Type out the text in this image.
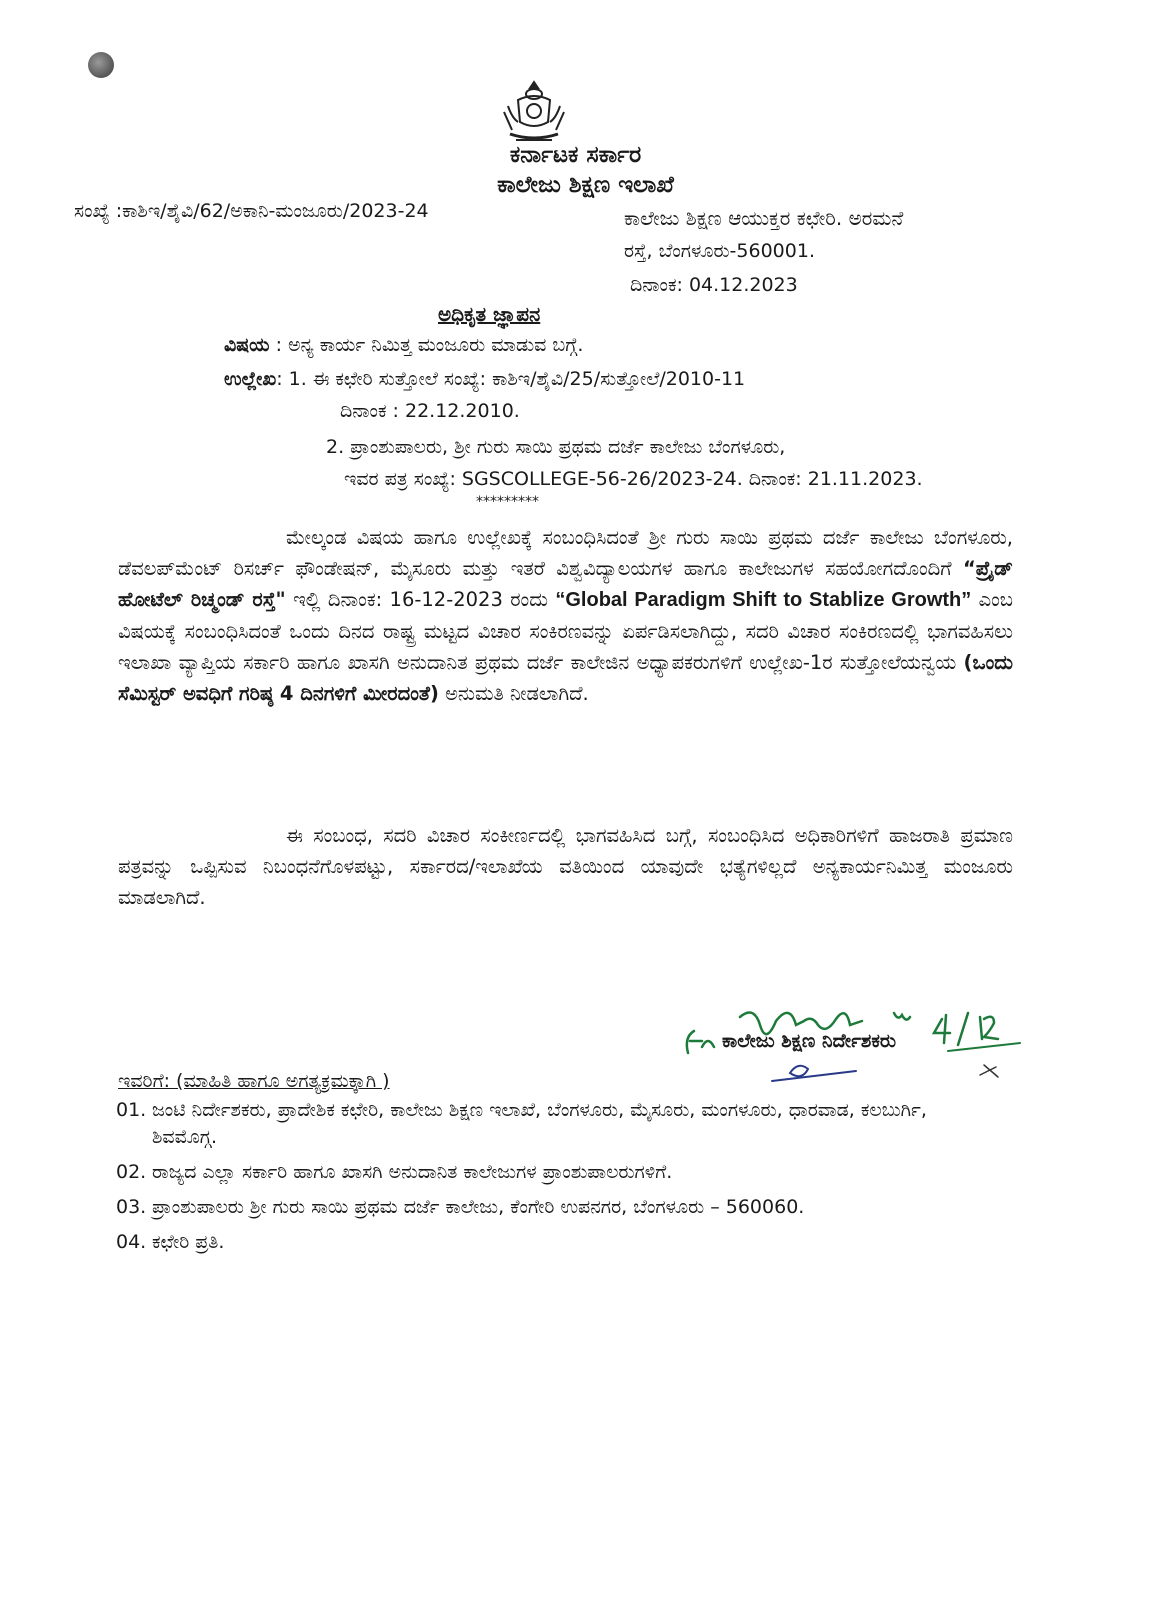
ಕರ್ನಾಟಕ ಸರ್ಕಾರ
ಕಾಲೇಜು ಶಿಕ್ಷಣ ಇಲಾಖೆ
ಸಂಖ್ಯೆ :ಕಾಶಿಇ/ಶೈವಿ/62/ಅಕಾನಿ-ಮಂಜೂರು/2023-24	ಕಾಲೇಜು ಶಿಕ್ಷಣ ಆಯುಕ್ತರ ಕಛೇರಿ. ಅರಮನೆ
ರಸ್ತೆ, ಬೆಂಗಳೂರು-560001.
ದಿನಾಂಕ: 04.12.2023
ಅಧಿಕೃತ ಜ್ಞಾಪನ
ವಿಷಯ : ಅನ್ಯ ಕಾರ್ಯ ನಿಮಿತ್ತ ಮಂಜೂರು ಮಾಡುವ ಬಗ್ಗೆ.
ಉಲ್ಲೇಖ: 1. ಈ ಕಛೇರಿ ಸುತ್ತೋಲೆ ಸಂಖ್ಯೆ: ಕಾಶಿಇ/ಶೈವಿ/25/ಸುತ್ತೋಲೆ/2010-11
ದಿನಾಂಕ : 22.12.2010.
2. ಪ್ರಾಂಶುಪಾಲರು, ಶ್ರೀ ಗುರು ಸಾಯಿ ಪ್ರಥಮ ದರ್ಜೆ ಕಾಲೇಜು ಬೆಂಗಳೂರು,
ಇವರ ಪತ್ರ ಸಂಖ್ಯೆ: SGSCOLLEGE-56-26/2023-24. ದಿನಾಂಕ: 21.11.2023.
*********
ಮೇಲ್ಕಂಡ ವಿಷಯ ಹಾಗೂ ಉಲ್ಲೇಖಕ್ಕೆ ಸಂಬಂಧಿಸಿದಂತೆ ಶ್ರೀ ಗುರು ಸಾಯಿ ಪ್ರಥಮ ದರ್ಜೆ ಕಾಲೇಜು ಬೆಂಗಳೂರು, ಡೆವಲಪ್‌ಮೆಂಟ್ ರಿಸರ್ಚ್ ಫೌಂಡೇಷನ್, ಮೈಸೂರು ಮತ್ತು ಇತರೆ ವಿಶ್ವವಿದ್ಯಾಲಯಗಳ ಹಾಗೂ ಕಾಲೇಜುಗಳ ಸಹಯೋಗದೊಂದಿಗೆ “ಪ್ರೈಡ್ ಹೋಟೆಲ್ ರಿಚ್ಮಂಡ್ ರಸ್ತೆ" ಇಲ್ಲಿ ದಿನಾಂಕ: 16-12-2023 ರಂದು “Global Paradigm Shift to Stablize Growth” ಎಂಬ ವಿಷಯಕ್ಕೆ ಸಂಬಂಧಿಸಿದಂತೆ ಒಂದು ದಿನದ ರಾಷ್ಟ್ರ ಮಟ್ಟದ ವಿಚಾರ ಸಂಕಿರಣವನ್ನು ಏರ್ಪಡಿಸಲಾಗಿದ್ದು, ಸದರಿ ವಿಚಾರ ಸಂಕಿರಣದಲ್ಲಿ ಭಾಗವಹಿಸಲು ಇಲಾಖಾ ವ್ಯಾಪ್ತಿಯ ಸರ್ಕಾರಿ ಹಾಗೂ ಖಾಸಗಿ ಅನುದಾನಿತ ಪ್ರಥಮ ದರ್ಜೆ ಕಾಲೇಜಿನ ಅಧ್ಯಾಪಕರುಗಳಿಗೆ ಉಲ್ಲೇಖ-1ರ ಸುತ್ತೋಲೆಯನ್ವಯ (ಒಂದು ಸೆಮಿಸ್ಟರ್ ಅವಧಿಗೆ ಗರಿಷ್ಠ 4 ದಿನಗಳಿಗೆ ಮೀರದಂತೆ) ಅನುಮತಿ ನೀಡಲಾಗಿದೆ.
ಈ ಸಂಬಂಧ, ಸದರಿ ವಿಚಾರ ಸಂಕೀರ್ಣದಲ್ಲಿ ಭಾಗವಹಿಸಿದ ಬಗ್ಗೆ, ಸಂಬಂಧಿಸಿದ ಅಧಿಕಾರಿಗಳಿಗೆ ಹಾಜರಾತಿ ಪ್ರಮಾಣ ಪತ್ರವನ್ನು ಒಪ್ಪಿಸುವ ನಿಬಂಧನೆಗೊಳಪಟ್ಟು, ಸರ್ಕಾರದ/ಇಲಾಖೆಯ ವತಿಯಿಂದ ಯಾವುದೇ ಭತ್ಯೆಗಳಿಲ್ಲದೆ ಅನ್ಯಕಾರ್ಯನಿಮಿತ್ತ ಮಂಜೂರು ಮಾಡಲಾಗಿದೆ.
ಕಾಲೇಜು ಶಿಕ್ಷಣ ನಿರ್ದೇಶಕರು
ಇವರಿಗೆ: (ಮಾಹಿತಿ ಹಾಗೂ ಅಗತ್ಯಕ್ರಮಕ್ಕಾಗಿ )
01. ಜಂಟಿ ನಿರ್ದೇಶಕರು, ಪ್ರಾದೇಶಿಕ ಕಛೇರಿ, ಕಾಲೇಜು ಶಿಕ್ಷಣ ಇಲಾಖೆ, ಬೆಂಗಳೂರು, ಮೈಸೂರು, ಮಂಗಳೂರು, ಧಾರವಾಡ, ಕಲಬುರ್ಗಿ, ಶಿವಮೊಗ್ಗ.
02. ರಾಜ್ಯದ ಎಲ್ಲಾ ಸರ್ಕಾರಿ ಹಾಗೂ ಖಾಸಗಿ ಅನುದಾನಿತ ಕಾಲೇಜುಗಳ ಪ್ರಾಂಶುಪಾಲರುಗಳಿಗೆ.
03. ಪ್ರಾಂಶುಪಾಲರು ಶ್ರೀ ಗುರು ಸಾಯಿ ಪ್ರಥಮ ದರ್ಜೆ ಕಾಲೇಜು, ಕೆಂಗೇರಿ ಉಪನಗರ, ಬೆಂಗಳೂರು – 560060.
04. ಕಛೇರಿ ಪ್ರತಿ.
